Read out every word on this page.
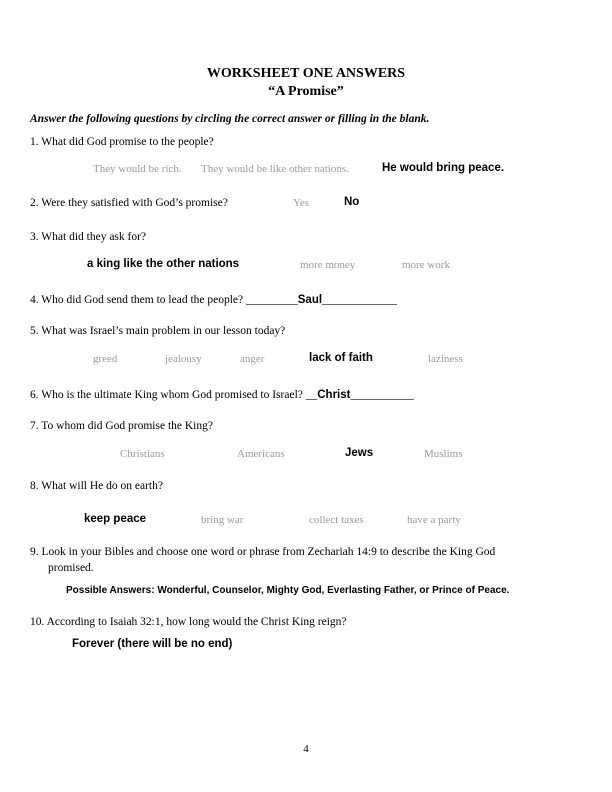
WORKSHEET ONE ANSWERS
“A Promise”
Answer the following questions by circling the correct answer or filling in the blank.
1. What did God promise to the people?
They would be rich. They would be like other nations.	He would bring peace.
2. Were they satisfied with God’s promise?	Yes	No
3. What did they ask for?
a king like the other nations	more money	more work
4. Who did God send them to lead the people? _________Saul_____________
5. What was Israel’s main problem in our lesson today?
greed	jealousy	anger	lack of faith	laziness
6. Who is the ultimate King whom God promised to Israel? __Christ___________
7. To whom did God promise the King?
Christians	Americans	Jews	Muslims
8. What will He do on earth?
keep peace	bring war	collect taxes	have a party
9. Look in your Bibles and choose one word or phrase from Zechariah 14:9 to describe the King God
promised.
Possible Answers: Wonderful, Counselor, Mighty God, Everlasting Father, or Prince of Peace.
10. According to Isaiah 32:1, how long would the Christ King reign?
Forever (there will be no end)
4
